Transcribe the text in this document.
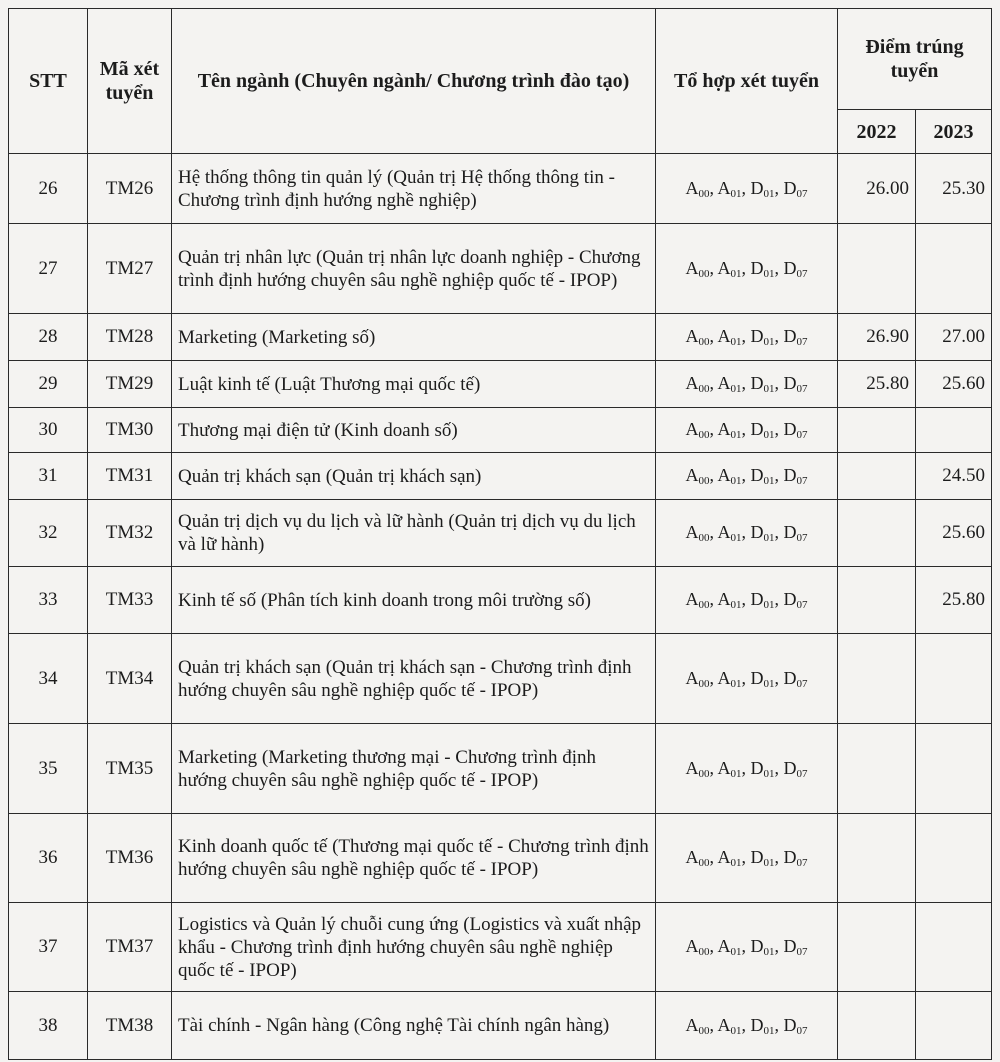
STT	Mã xét tuyển	Tên ngành (Chuyên ngành/ Chương trình đào tạo)	Tổ hợp xét tuyển	Điểm trúng tuyển	
				2022	2023
26	TM26	Hệ thống thông tin quản lý (Quản trị Hệ thống thông tin - Chương trình định hướng nghề nghiệp)	$A_{00}$, $A_{01}$, $D_{01}$, $D_{07}$	26.00	25.30
27	TM27	Quản trị nhân lực (Quản trị nhân lực doanh nghiệp - Chương trình định hướng chuyên sâu nghề nghiệp quốc tế - IPOP)	$A_{00}$, $A_{01}$, $D_{01}$, $D_{07}$		
28	TM28	Marketing (Marketing số)	$A_{00}$, $A_{01}$, $D_{01}$, $D_{07}$	26.90	27.00
29	TM29	Luật kinh tế (Luật Thương mại quốc tế)	$A_{00}$, $A_{01}$, $D_{01}$, $D_{07}$	25.80	25.60
30	TM30	Thương mại điện tử (Kinh doanh số)	$A_{00}$, $A_{01}$, $D_{01}$, $D_{07}$		
31	TM31	Quản trị khách sạn (Quản trị khách sạn)	$A_{00}$, $A_{01}$, $D_{01}$, $D_{07}$		24.50
32	TM32	Quản trị dịch vụ du lịch và lữ hành (Quản trị dịch vụ du lịch và lữ hành)	$A_{00}$, $A_{01}$, $D_{01}$, $D_{07}$		25.60
33	TM33	Kinh tế số (Phân tích kinh doanh trong môi trường số)	$A_{00}$, $A_{01}$, $D_{01}$, $D_{07}$		25.80
34	TM34	Quản trị khách sạn (Quản trị khách sạn - Chương trình định hướng chuyên sâu nghề nghiệp quốc tế - IPOP)	$A_{00}$, $A_{01}$, $D_{01}$, $D_{07}$		
35	TM35	Marketing (Marketing thương mại - Chương trình định hướng chuyên sâu nghề nghiệp quốc tế - IPOP)	$A_{00}$, $A_{01}$, $D_{01}$, $D_{07}$		
36	TM36	Kinh doanh quốc tế (Thương mại quốc tế - Chương trình định hướng chuyên sâu nghề nghiệp quốc tế - IPOP)	$A_{00}$, $A_{01}$, $D_{01}$, $D_{07}$		
37	TM37	Logistics và Quản lý chuỗi cung ứng (Logistics và xuất nhập khẩu - Chương trình định hướng chuyên sâu nghề nghiệp quốc tế - IPOP)	$A_{00}$, $A_{01}$, $D_{01}$, $D_{07}$		
38	TM38	Tài chính - Ngân hàng (Công nghệ Tài chính ngân hàng)	$A_{00}$, $A_{01}$, $D_{01}$, $D_{07}$		
